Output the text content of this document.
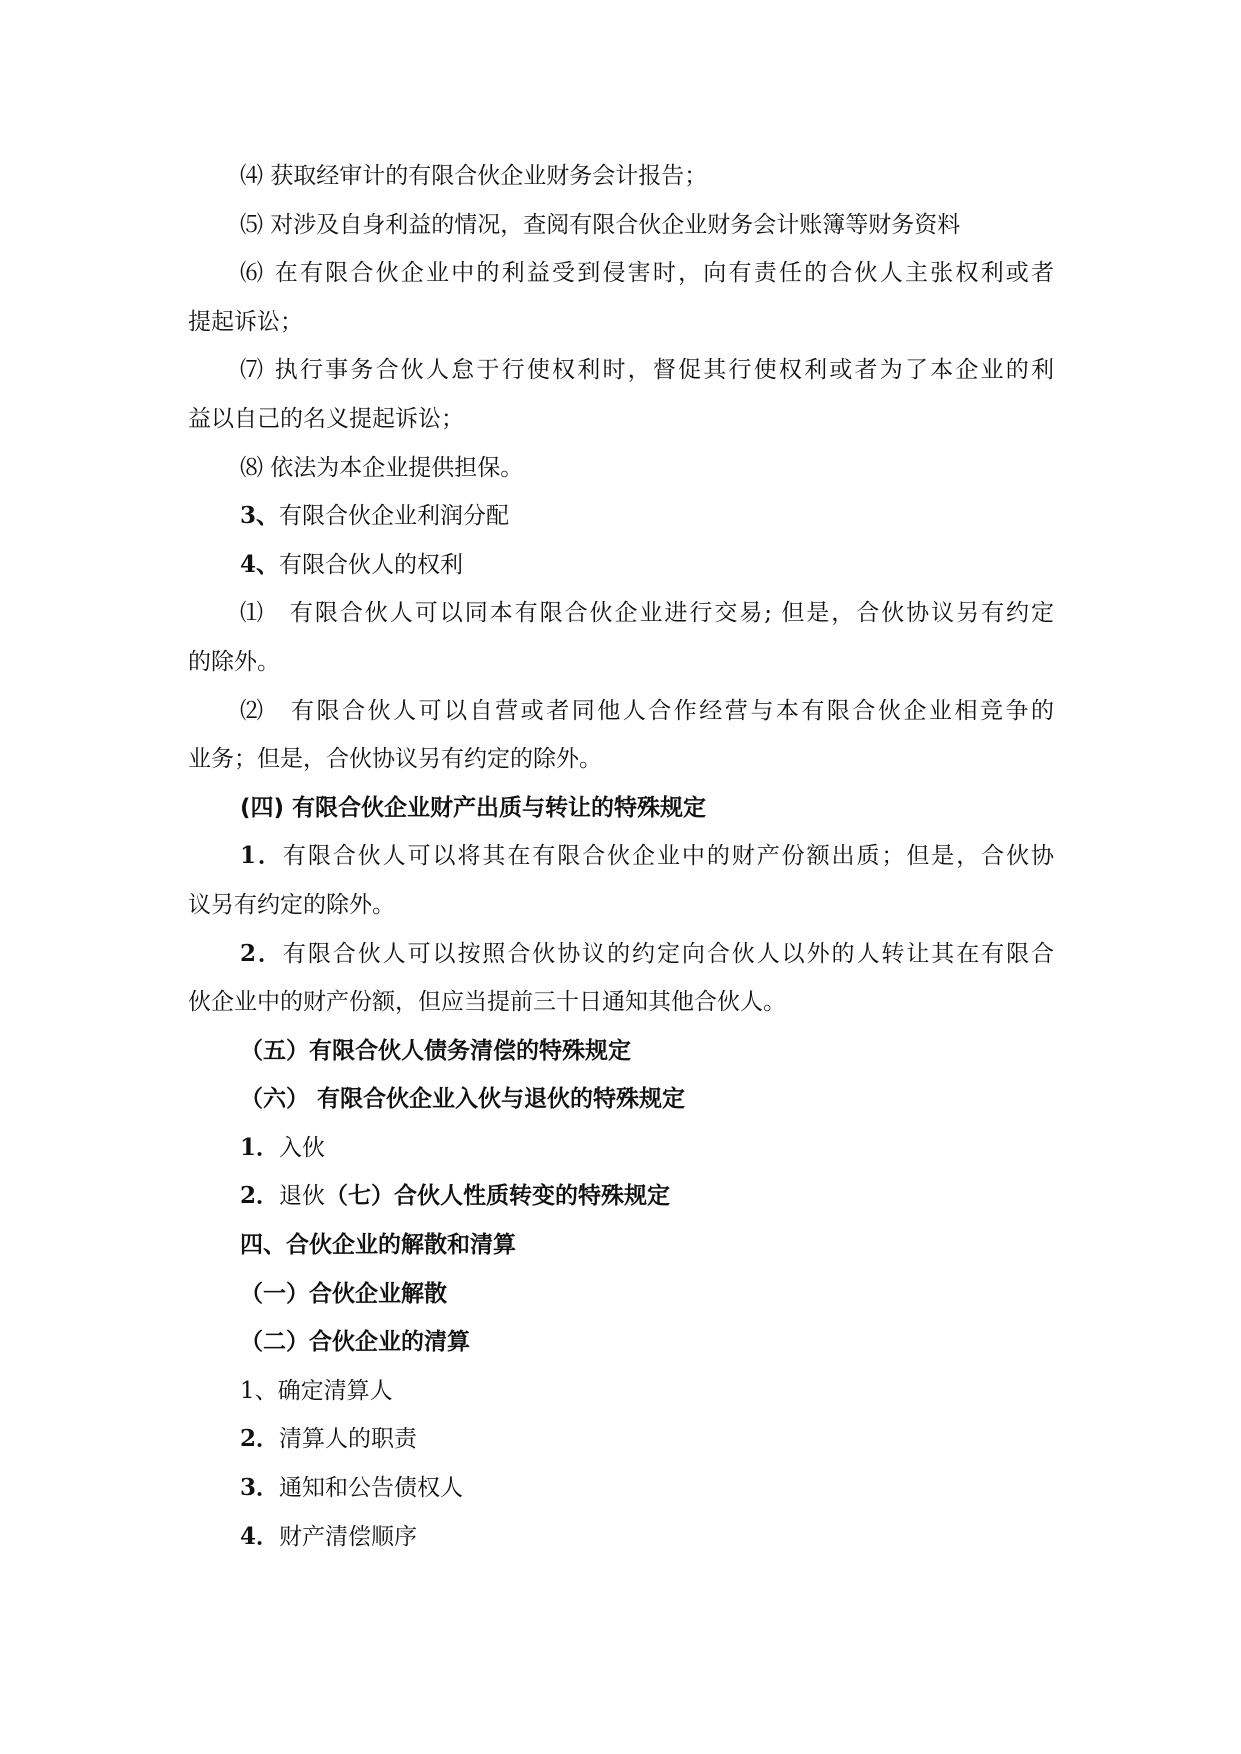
⑷ 获取经审计的有限合伙企业财务会计报告；
⑸ 对涉及自身利益的情况，查阅有限合伙企业财务会计账簿等财务资料
⑹ 在有限合伙企业中的利益受到侵害时，向有责任的合伙人主张权利或者
提起诉讼；
⑺ 执行事务合伙人怠于行使权利时，督促其行使权利或者为了本企业的利
益以自己的名义提起诉讼；
⑻ 依法为本企业提供担保。
3、有限合伙企业利润分配
4、有限合伙人的权利
⑴　有限合伙人可以同本有限合伙企业进行交易; 但是，合伙协议另有约定
的除外。
⑵　有限合伙人可以自营或者同他人合作经营与本有限合伙企业相竞争的
业务；但是，合伙协议另有约定的除外。
(四) 有限合伙企业财产出质与转让的特殊规定
1．有限合伙人可以将其在有限合伙企业中的财产份额出质；但是，合伙协
议另有约定的除外。
2．有限合伙人可以按照合伙协议的约定向合伙人以外的人转让其在有限合
伙企业中的财产份额，但应当提前三十日通知其他合伙人。
（五）有限合伙人债务清偿的特殊规定
（六） 有限合伙企业入伙与退伙的特殊规定
1．入伙
2．退伙（七）合伙人性质转变的特殊规定
四、合伙企业的解散和清算
（一）合伙企业解散
（二）合伙企业的清算
1、确定清算人
2．清算人的职责
3．通知和公告债权人
4．财产清偿顺序
